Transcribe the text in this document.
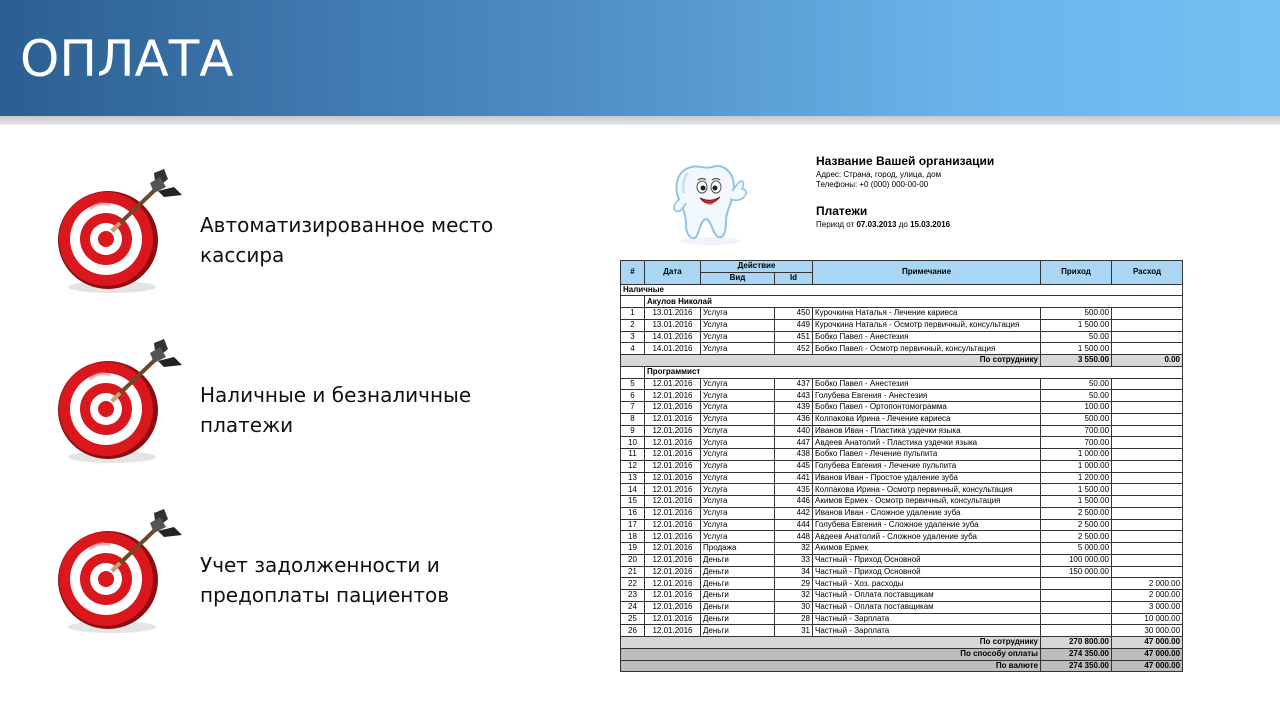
ОПЛАТА
Автоматизированное место
кассира
Наличные и безналичные
платежи
Учет задолженности и
предоплаты пациентов
Название Вашей организации
Адрес: Страна, город, улица, дом
Телефоны: +0 (000) 000-00-00
Платежи
Период от 07.03.2013 до 15.03.2016
#	Дата	Действие		Примечание	Приход	Расход
		Вид	Id			
Наличные						
	Акулов Николай					
1	13.01.2016	Услуга	450	Курочкина Наталья - Лечение кариеса	500.00	
2	13.01.2016	Услуга	449	Курочкина Наталья - Осмотр первичный, консультация	1 500.00	
3	14.01.2016	Услуга	451	Бобко Павел - Анестезия	50.00	
4	14.01.2016	Услуга	452	Бобко Павел - Осмотр первичный, консультация	1 500.00	
По сотруднику					3 550.00	0.00
	Программист					
5	12.01.2016	Услуга	437	Бобко Павел - Анестезия	50.00	
6	12.01.2016	Услуга	443	Голубева Евгения - Анестезия	50.00	
7	12.01.2016	Услуга	439	Бобко Павел - Ортопонтомограмма	100.00	
8	12.01.2016	Услуга	436	Колпакова Ирина - Лечение кариеса	500.00	
9	12.01.2016	Услуга	440	Иванов Иван - Пластика уздечки языка	700.00	
10	12.01.2016	Услуга	447	Авдеев Анатолий - Пластика уздечки языка	700.00	
11	12.01.2016	Услуга	438	Бобко Павел - Лечение пульпита	1 000.00	
12	12.01.2016	Услуга	445	Голубева Евгения - Лечение пульпита	1 000.00	
13	12.01.2016	Услуга	441	Иванов Иван - Простое удаление зуба	1 200.00	
14	12.01.2016	Услуга	435	Колпакова Ирина - Осмотр первичный, консультация	1 500.00	
15	12.01.2016	Услуга	446	Акимов Ермек - Осмотр первичный, консультация	1 500.00	
16	12.01.2016	Услуга	442	Иванов Иван - Сложное удаление зуба	2 500.00	
17	12.01.2016	Услуга	444	Голубева Евгения - Сложное удаление зуба	2 500.00	
18	12.01.2016	Услуга	448	Авдеев Анатолий - Сложное удаление зуба	2 500.00	
19	12.01.2016	Продажа	32	Акимов Ермек	5 000.00	
20	12.01.2016	Деньги	33	Частный - Приход Основной	100 000.00	
21	12.01.2016	Деньги	34	Частный - Приход Основной	150 000.00	
22	12.01.2016	Деньги	29	Частный - Хоз. расходы		2 000.00
23	12.01.2016	Деньги	32	Частный - Оплата поставщикам		2 000.00
24	12.01.2016	Деньги	30	Частный - Оплата поставщикам		3 000.00
25	12.01.2016	Деньги	28	Частный - Зарплата		10 000.00
26	12.01.2016	Деньги	31	Частный - Зарплата		30 000.00
По сотруднику					270 800.00	47 000.00
По способу оплаты					274 350.00	47 000.00
По валюте					274 350.00	47 000.00
